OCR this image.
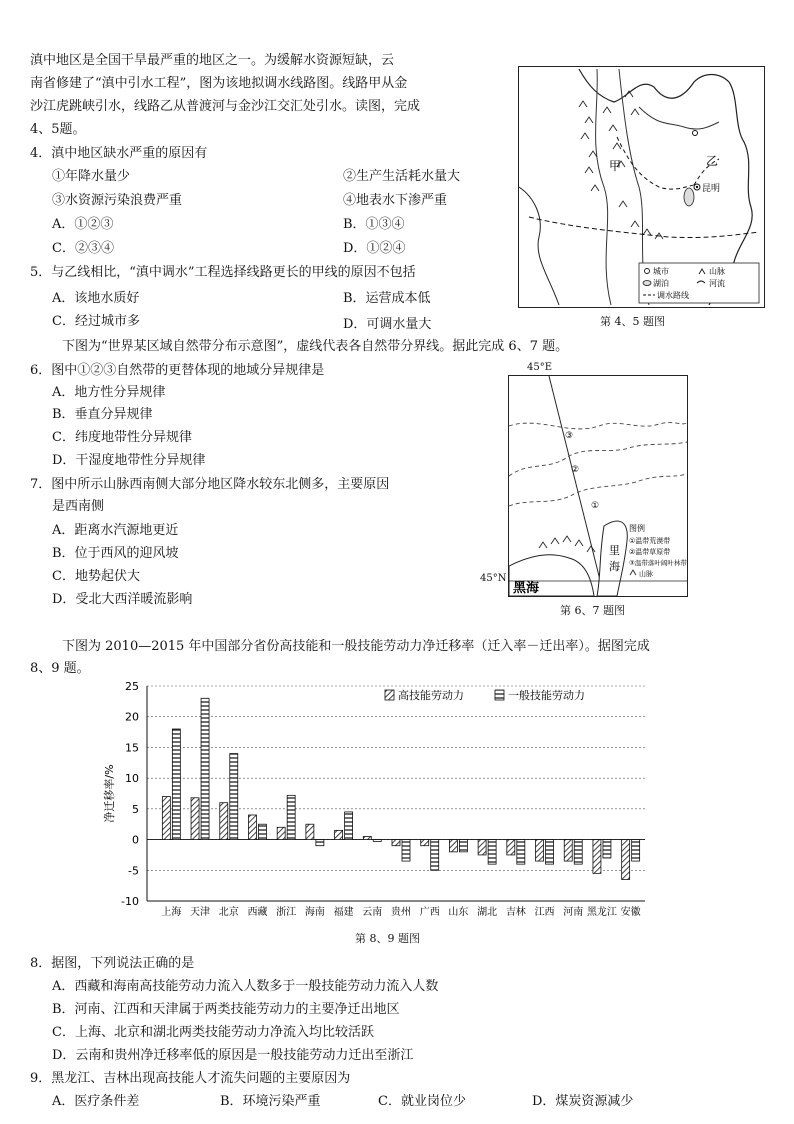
滇中地区是全国干旱最严重的地区之一。为缓解水资源短缺，云
南省修建了“滇中引水工程”，图为该地拟调水线路图。线路甲从金
沙江虎跳峡引水，线路乙从普渡河与金沙江交汇处引水。读图，完成
4、5题。
4．滇中地区缺水严重的原因有
①年降水量少	②生产生活耗水量大
③水资源污染浪费严重	④地表水下渗严重
A．①②③	B．①③④
C．②③④	D．①②④
5．与乙线相比，“滇中调水”工程选择线路更长的甲线的原因不包括
A．该地水质好	B．运营成本低
C．经过城市多	D．可调水量大
甲	乙
昆明
城市	山脉
湖泊	河流
调水路线
第 4、5 题图
下图为“世界某区域自然带分布示意图”，虚线代表各自然带分界线。据此完成 6、7 题。
6．图中①②③自然带的更替体现的地域分异规律是
A．地方性分异规律
B．垂直分异规律
C．纬度地带性分异规律
D．干湿度地带性分异规律
7．图中所示山脉西南侧大部分地区降水较东北侧多，主要原因
是西南侧
A．距离水汽源地更近
B．位于西风的迎风坡
C．地势起伏大
D．受北大西洋暖流影响
45°E
③
②
①
黑海
里
海
图例
①温带荒漠带
②温带草原带
③温带落叶阔叶林带
山脉
45°N
第 6、7 题图
下图为 2010—2015 年中国部分省份高技能和一般技能劳动力净迁移率（迁入率－迁出率）。据图完成
8、9 题。
25
20
15
10
5
0
-5
-10
净迁移率/%
上海 天津 北京 西藏 浙江 海南 福建 云南 贵州 广西 山东 湖北 吉林 江西 河南 黑龙江 安徽
高技能劳动力	一般技能劳动力
第 8、9 题图
8．据图，下列说法正确的是
A．西藏和海南高技能劳动力流入人数多于一般技能劳动力流入人数
B．河南、江西和天津属于两类技能劳动力的主要净迁出地区
C．上海、北京和湖北两类技能劳动力净流入均比较活跃
D．云南和贵州净迁移率低的原因是一般技能劳动力迁出至浙江
9．黑龙江、吉林出现高技能人才流失问题的主要原因为
A．医疗条件差	B．环境污染严重	C．就业岗位少	D．煤炭资源减少
